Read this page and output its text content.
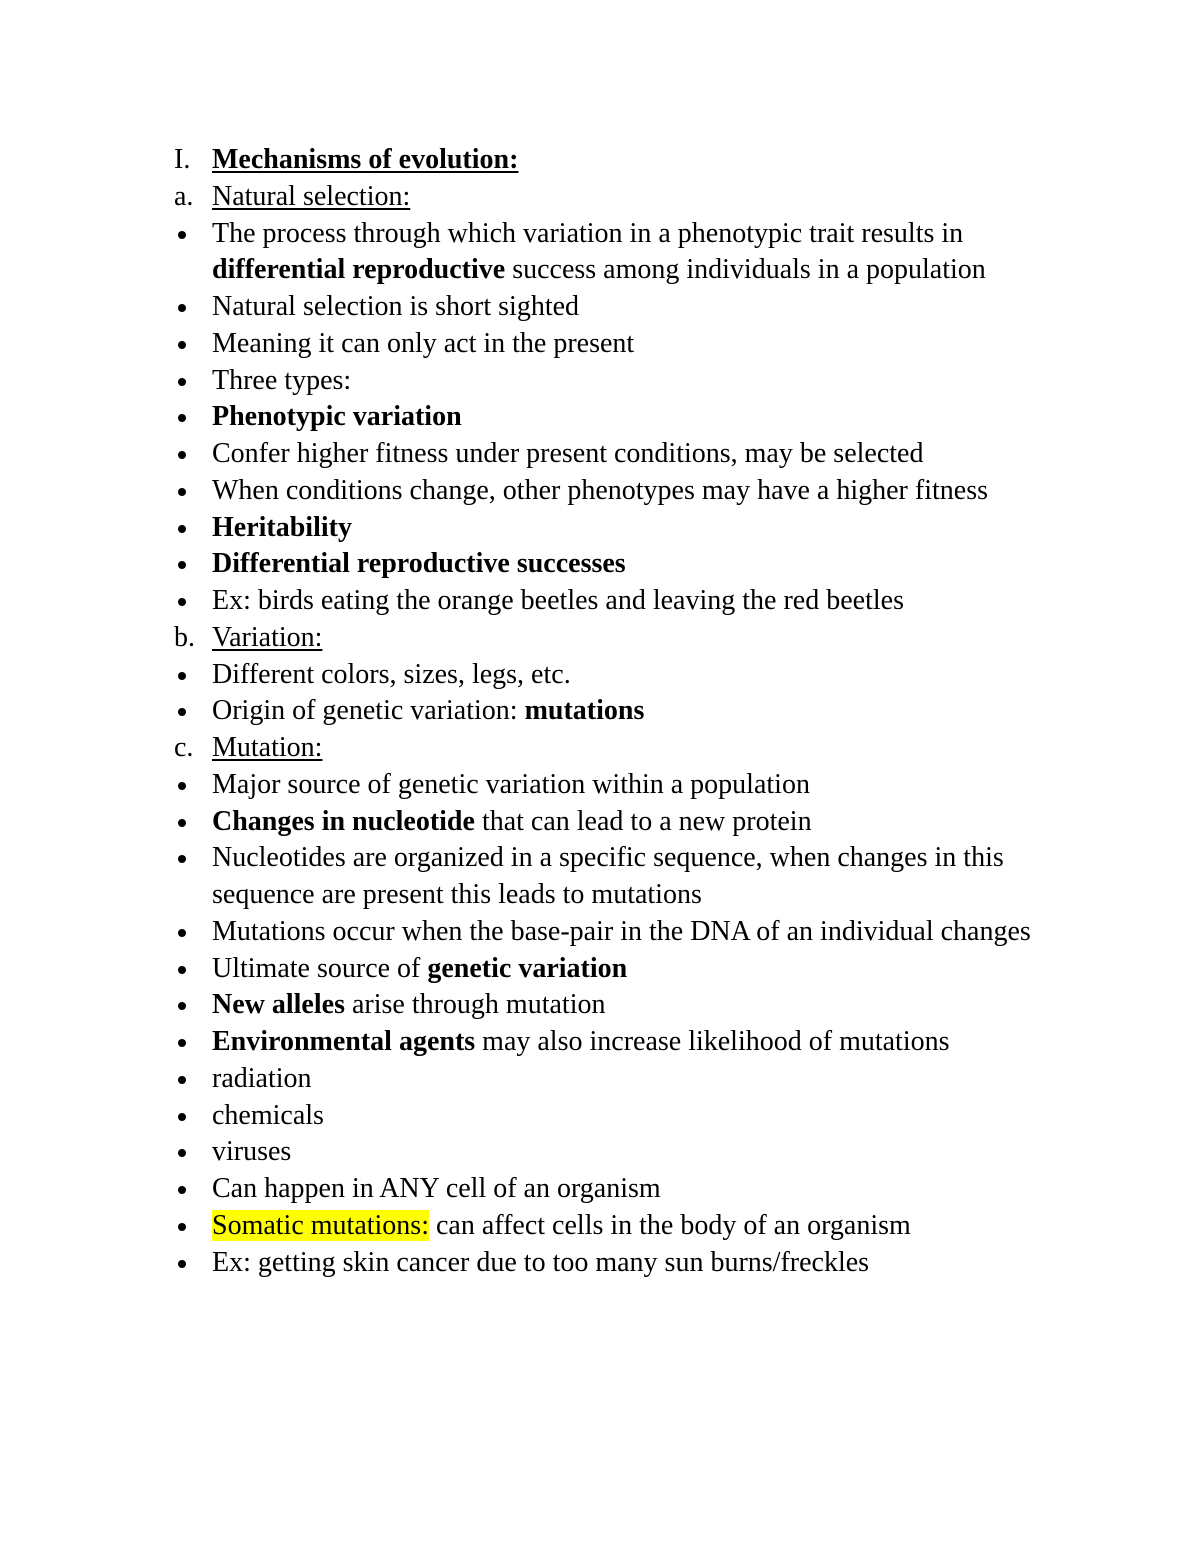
I. Mechanisms of evolution:
a. Natural selection:
The process through which variation in a phenotypic trait results in differential reproductive success among individuals in a population
Natural selection is short sighted
Meaning it can only act in the present
Three types:
Phenotypic variation
Confer higher fitness under present conditions, may be selected
When conditions change, other phenotypes may have a higher fitness
Heritability
Differential reproductive successes
Ex: birds eating the orange beetles and leaving the red beetles
b. Variation:
Different colors, sizes, legs, etc.
Origin of genetic variation: mutations
c. Mutation:
Major source of genetic variation within a population
Changes in nucleotide that can lead to a new protein
Nucleotides are organized in a specific sequence, when changes in this sequence are present this leads to mutations
Mutations occur when the base-pair in the DNA of an individual changes
Ultimate source of genetic variation
New alleles arise through mutation
Environmental agents may also increase likelihood of mutations
radiation
chemicals
viruses
Can happen in ANY cell of an organism
Somatic mutations: can affect cells in the body of an organism
Ex: getting skin cancer due to too many sun burns/freckles
